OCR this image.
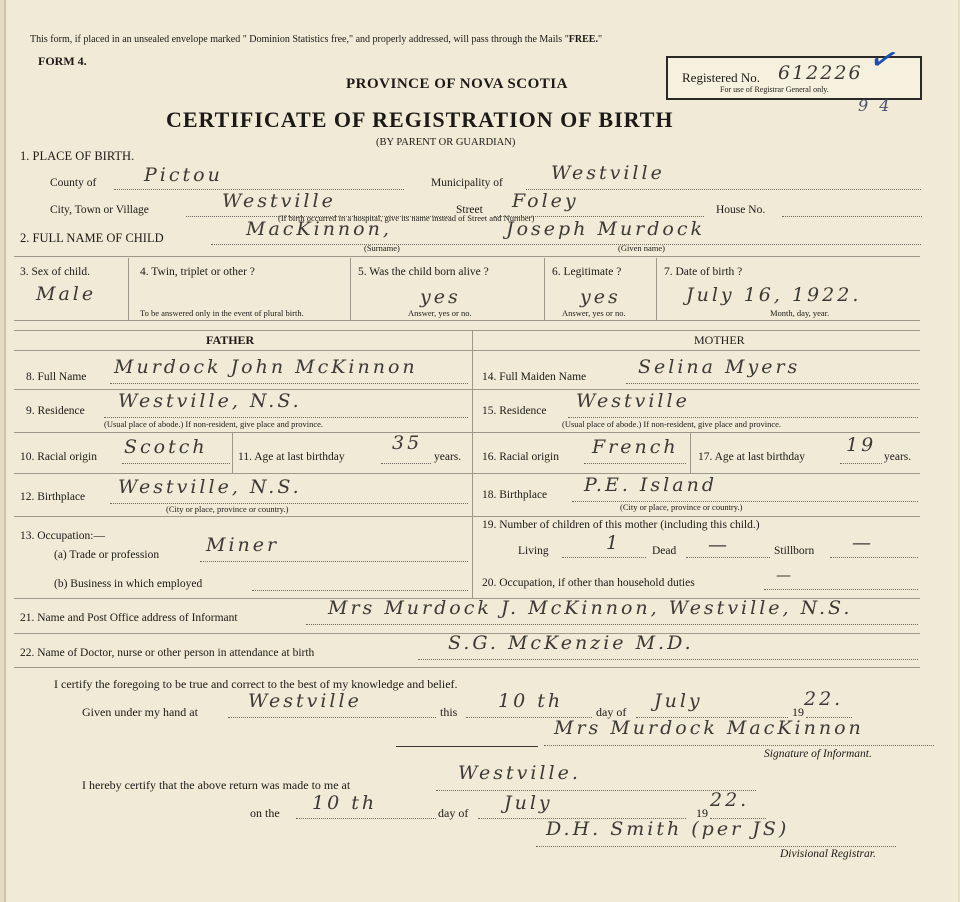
This form, if placed in an unsealed envelope marked " Dominion Statistics free," and properly addressed, will pass through the Mails "FREE."
FORM 4.
PROVINCE OF NOVA SCOTIA
CERTIFICATE OF REGISTRATION OF BIRTH
(BY PARENT OR GUARDIAN)
Registered No. 612226
For use of Registrar General only.
✓
9 4
1. PLACE OF BIRTH.
County of	Pictou	Municipality of	Westville
City, Town or Village	Westville	Street Foley	House No.
(If birth occurred in a hospital, give its name instead of Street and Number)
2. FULL NAME OF CHILD	MacKinnon,	Joseph Murdock
(Surname)	(Given name)
3. Sex of child.
Male
4. Twin, triplet or other ?
To be answered only in the event of plural birth.
5. Was the child born alive ?
yes
Answer, yes or no.
6. Legitimate ?
yes
Answer, yes or no.
7. Date of birth ?
July 16, 1922.
Month, day, year.
FATHER	MOTHER
8. Full Name Murdock John McKinnon
9. Residence Westville, N.S.
(Usual place of abode.) If non-resident, give place and province.
10. Racial origin Scotch	11. Age at last birthday
35
years.
12. Birthplace Westville, N.S.
(City or place, province or country.)
13. Occupation:—
(a) Trade or profession Miner
(b) Business in which employed
14. Full Maiden Name	Selina Myers
15. Residence Westville
(Usual place of abode.) If non-resident, give place and province.
16. Racial origin French 17. Age at last birthday
19
years.
18. Birthplace P.E. Island
(City or place, province or country.)
19. Number of children of this mother (including this child.)
Living	1	Dead —	Stillborn —
20. Occupation, if other than household duties	—
21. Name and Post Office address of Informant	Mrs Murdock J. McKinnon, Westville, N.S.
22. Name of Doctor, nurse or other person in attendance at birth	S.G. McKenzie M.D.
I certify the foregoing to be true and correct to the best of my knowledge and belief.
Given under my hand at	Westville	this 10 th	day of July	19
22.
Mrs Murdock MacKinnon
Signature of Informant.
I hereby certify that the above return was made to me at
Westville.
on the 10 th	day of July	19
22.
D.H. Smith (per JS)
Divisional Registrar.
